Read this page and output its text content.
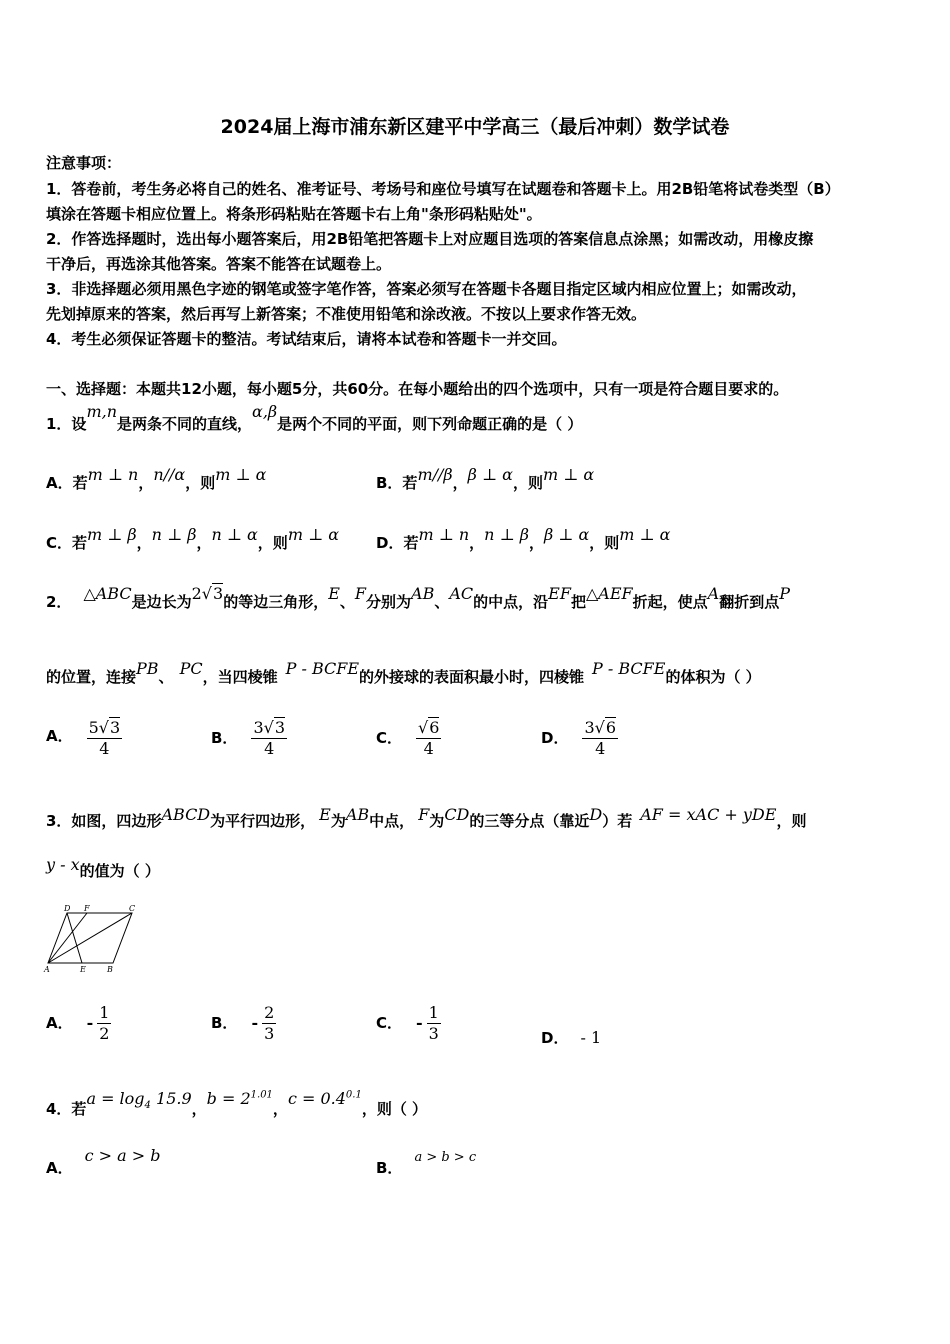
2024届上海市浦东新区建平中学高三（最后冲刺）数学试卷
注意事项：
1．答卷前，考生务必将自己的姓名、准考证号、考场号和座位号填写在试题卷和答题卡上。用2B铅笔将试卷类型（B）
填涂在答题卡相应位置上。将条形码粘贴在答题卡右上角"条形码粘贴处"。
2．作答选择题时，选出每小题答案后，用2B铅笔把答题卡上对应题目选项的答案信息点涂黑；如需改动，用橡皮擦
干净后，再选涂其他答案。答案不能答在试题卷上。
3．非选择题必须用黑色字迹的钢笔或签字笔作答，答案必须写在答题卡各题目指定区域内相应位置上；如需改动，
先划掉原来的答案，然后再写上新答案；不准使用铅笔和涂改液。不按以上要求作答无效。
4．考生必须保证答题卡的整洁。考试结束后，请将本试卷和答题卡一并交回。
一、选择题：本题共12小题，每小题5分，共60分。在每小题给出的四个选项中，只有一项是符合题目要求的。
1．设m,n是两条不同的直线，α,β是两个不同的平面，则下列命题正确的是（ ）
A．若m ⊥ n，n//α，则m ⊥ α	B．若m//β，β ⊥ α，则m ⊥ α
C．若m ⊥ β，n ⊥ β，n ⊥ α，则m ⊥ α D．若m ⊥ n，n ⊥ β，β ⊥ α，则m ⊥ α
2． △ABC是边长为2√3的等边三角形，E、F分别为AB、AC的中点，沿EF把△AEF折起，使点A翻折到点P
的位置，连接PB、 PC，当四棱锥 P - BCFE的外接球的表面积最小时，四棱锥 P - BCFE的体积为（ ）
A． $\frac{5√3}{4}$	B． $\frac{3√3}{4}$	C． $\frac{√6}{4}$	D． $\frac{3√6}{4}$
3．如图，四边形ABCD为平行四边形， E为AB中点， F为CD的三等分点（靠近D）若 AF = xAC + yDE，则
y - x的值为（ ）
D F	C
A	E	B
A． - $\frac{1}{2}$	B． - $\frac{2}{3}$	C． - $\frac{1}{3}$	D． - 1
4．若$a = \log_4 15.9$，$b = 2^{1.01}$，$c = 0.4^{0.1}$，则（ ）
A．c > a > b
B．a > b > c
